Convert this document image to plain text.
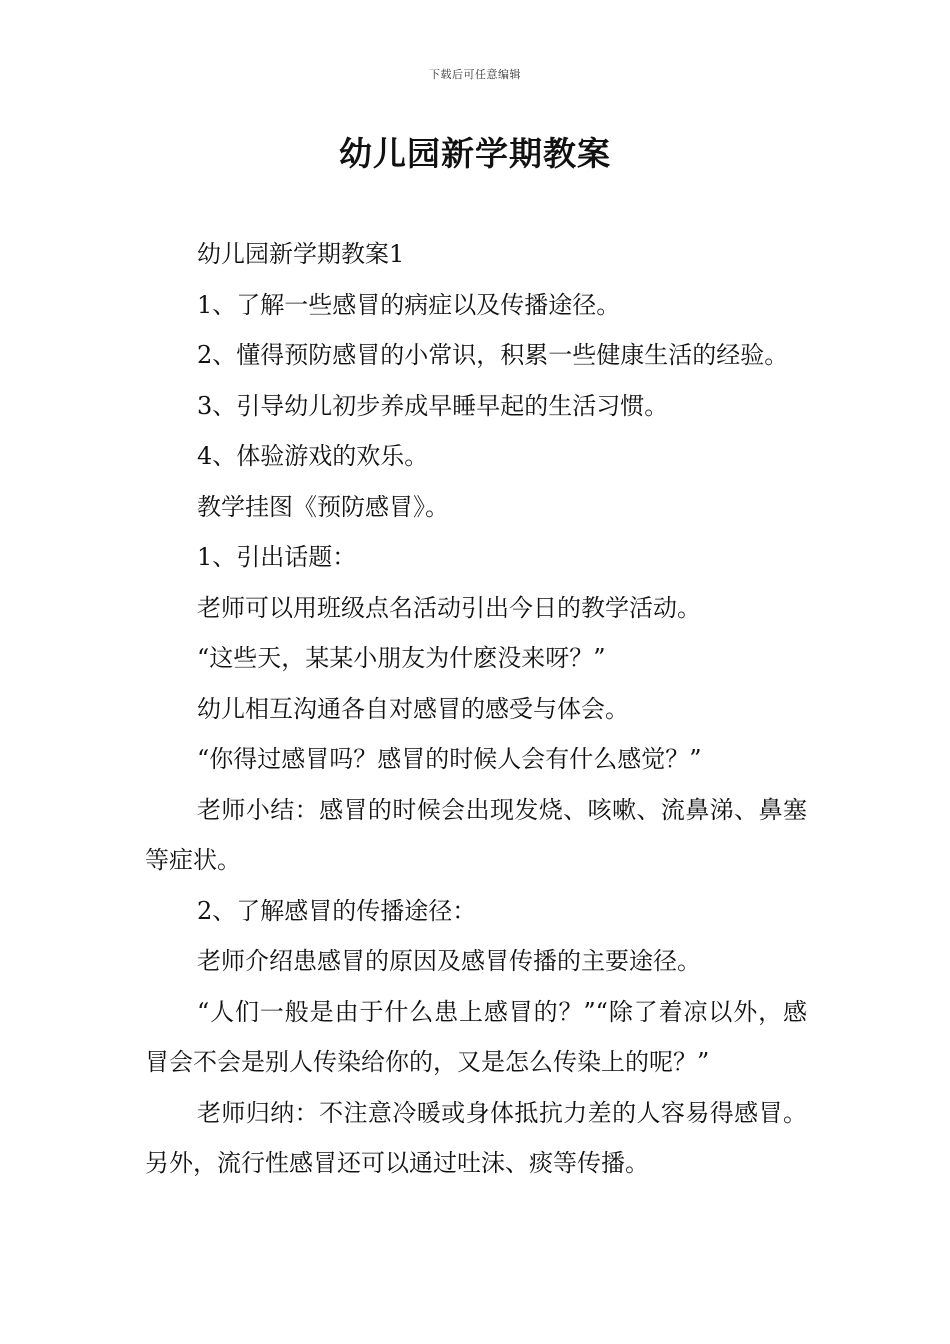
下载后可任意编辑
幼儿园新学期教案

幼儿园新学期教案1

1、了解一些感冒的病症以及传播途径。

2、懂得预防感冒的小常识，积累一些健康生活的经验。

3、引导幼儿初步养成早睡早起的生活习惯。

4、体验游戏的欢乐。

教学挂图《预防感冒》。

1、引出话题：

老师可以用班级点名活动引出今日的教学活动。

“这些天，某某小朋友为什麽没来呀？”

幼儿相互沟通各自对感冒的感受与体会。

“你得过感冒吗？感冒的时候人会有什么感觉？”

老师小结：感冒的时候会出现发烧、咳嗽、流鼻涕、鼻塞等症状。

2、了解感冒的传播途径：

老师介绍患感冒的原因及感冒传播的主要途径。

“人们一般是由于什么患上感冒的？”“除了着凉以外，感冒会不会是别人传染给你的，又是怎么传染上的呢？”

老师归纳：不注意冷暖或身体抵抗力差的人容易得感冒。另外，流行性感冒还可以通过吐沫、痰等传播。
